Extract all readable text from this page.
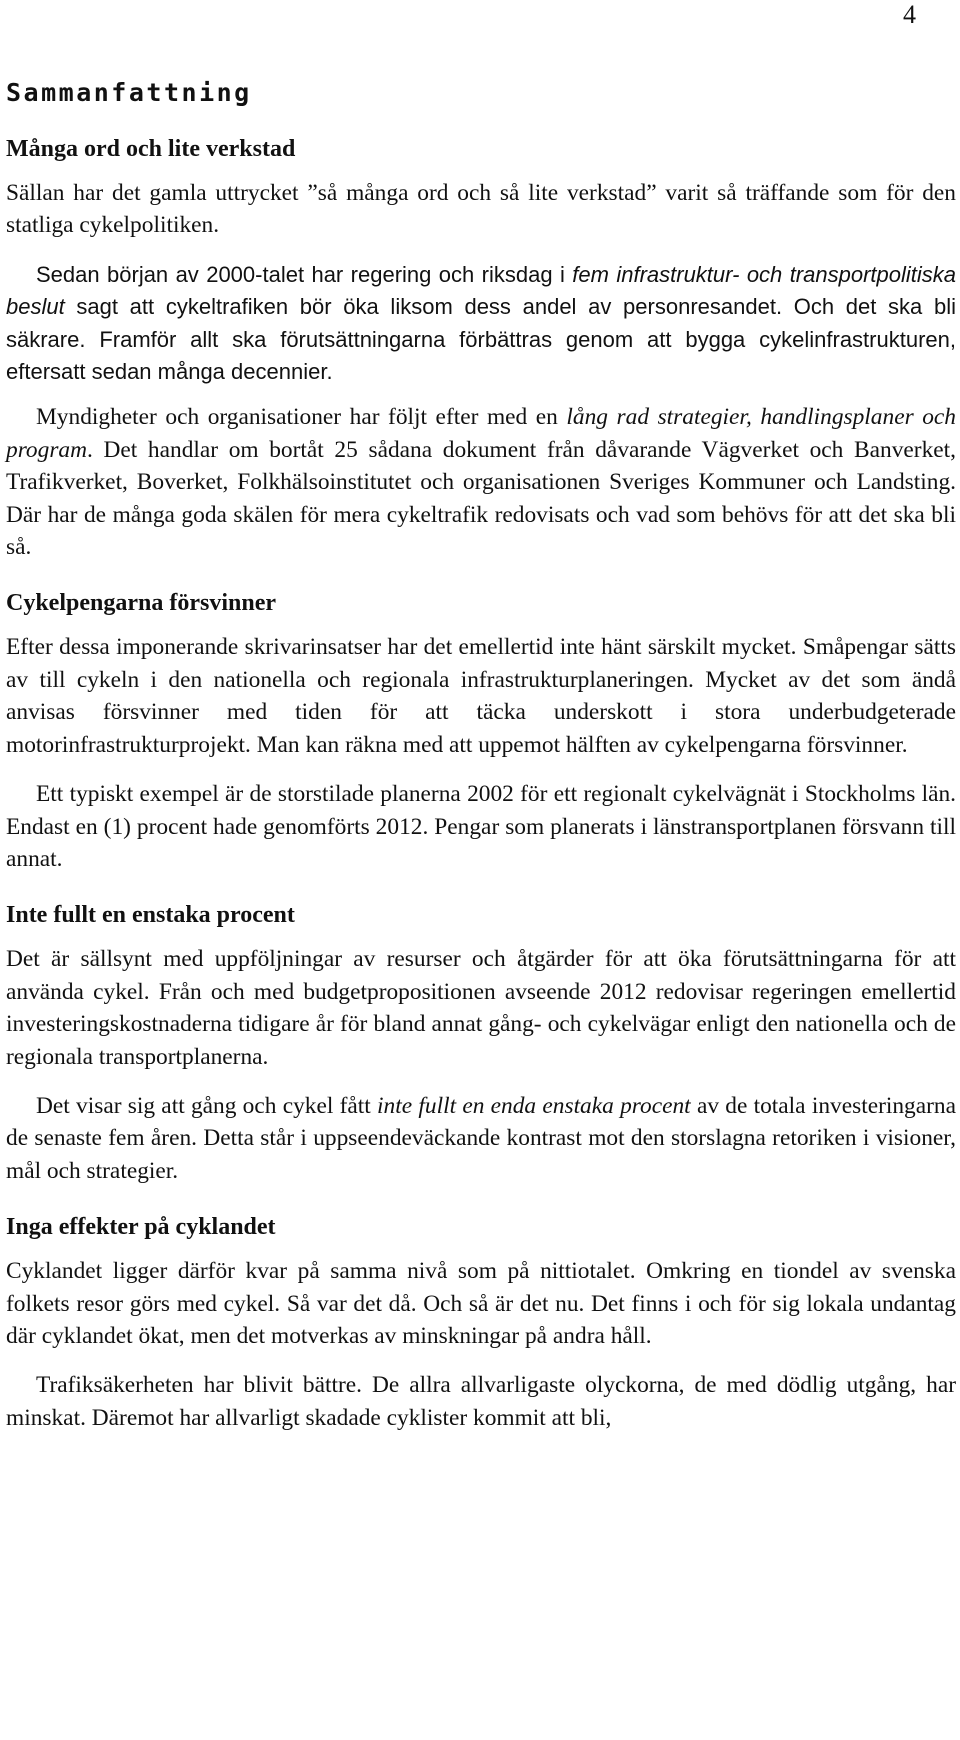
4
Sammanfattning
Många ord och lite verkstad

Sällan har det gamla uttrycket ”så många ord och så lite verkstad” varit så träffande som för den statliga cykelpolitiken.

Sedan början av 2000-talet har regering och riksdag i fem infrastruktur- och transportpolitiska beslut sagt att cykeltrafiken bör öka liksom dess andel av personresandet. Och det ska bli säkrare. Framför allt ska förutsättningarna förbättras genom att bygga cykelinfrastrukturen, eftersatt sedan många decennier.

Myndigheter och organisationer har följt efter med en lång rad strategier, handlingsplaner och program. Det handlar om bortåt 25 sådana dokument från dåvarande Vägverket och Banverket, Trafikverket, Boverket, Folkhälsoinstitutet och organisationen Sveriges Kommuner och Landsting. Där har de många goda skälen för mera cykeltrafik redovisats och vad som behövs för att det ska bli så.

Cykelpengarna försvinner

Efter dessa imponerande skrivarinsatser har det emellertid inte hänt särskilt mycket. Småpengar sätts av till cykeln i den nationella och regionala infrastrukturplaneringen. Mycket av det som ändå anvisas försvinner med tiden för att täcka underskott i stora underbudgeterade motorinfrastrukturprojekt. Man kan räkna med att uppemot hälften av cykelpengarna försvinner.

Ett typiskt exempel är de storstilade planerna 2002 för ett regionalt cykelvägnät i Stockholms län. Endast en (1) procent hade genomförts 2012. Pengar som planerats i länstransportplanen försvann till annat.

Inte fullt en enstaka procent

Det är sällsynt med uppföljningar av resurser och åtgärder för att öka förutsättningarna för att använda cykel. Från och med budgetpropositionen avseende 2012 redovisar regeringen emellertid investeringskostnaderna tidigare år för bland annat gång- och cykelvägar enligt den nationella och de regionala transportplanerna.

Det visar sig att gång och cykel fått inte fullt en enda enstaka procent av de totala investeringarna de senaste fem åren. Detta står i uppseendeväckande kontrast mot den storslagna retoriken i visioner, mål och strategier.

Inga effekter på cyklandet

Cyklandet ligger därför kvar på samma nivå som på nittiotalet. Omkring en tiondel av svenska folkets resor görs med cykel. Så var det då. Och så är det nu. Det finns i och för sig lokala undantag där cyklandet ökat, men det motverkas av minskningar på andra håll.

Trafiksäkerheten har blivit bättre. De allra allvarligaste olyckorna, de med dödlig utgång, har minskat. Däremot har allvarligt skadade cyklister kommit att bli,
